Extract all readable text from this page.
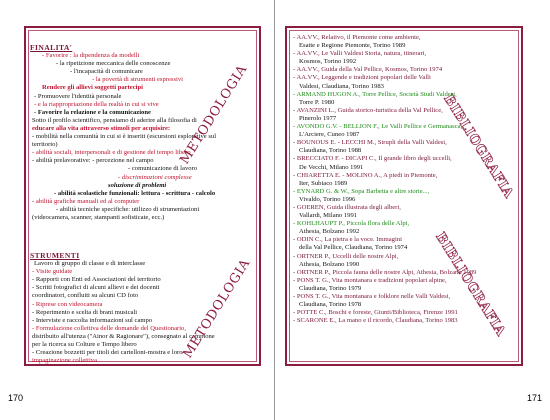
FINALITA'
- Favorire : la dipendenza da modelli
- la ripetizione meccanica delle conoscenze
- l'incapacità di comunicare
- la povertà di strumenti espressivi
Rendere gli allievi soggetti partecipi
- Promuovere l'identità personale
- e la riappropriazione della realtà in cui si vive
- Favorire la relazione e la comunicazione
Sotto il profilo scientifico, pensiamo di aderire alla filosofia di
educare alla vita attraverso stimoli per acquisire:
- mobilità nella comunità in cui si è inseriti (escursioni esplorative sul
territorio)
- abilità sociali, interpersonali e di gestione del tempo libero
- abilità prelavorative: - percezione nel campo
- comunicazione di lavoro
- discriminazioni complesse
soluzione di problemi
- abilità scolastiche funzionali: lettura - scrittura - calcolo
- abilità grafiche manuali ed al computer
- abilità tecniche specifiche: utilizzo di strumentazioni
(videocamera, scanner, stampanti sofisticate, ecc.)
METODOLOGIA
STRUMENTI
Lavoro di gruppo di classe e di interclasse
- Visite guidate
- Rapporti con Enti ed Associazioni del territorio
- Scritti fotografici di alcuni allievi e dei docenti
coordinatori, confluiti su alcuni CD foto
- Riprese con videocamera
- Reperimento e scelta di brani musicali
- Interviste e raccolta informazioni sul campo
- Formulazione collettiva delle domande del Questionario,
distribuito all'utenza ("Ainor & Ragionare"), consegnato al campione
per la ricerca su Colture e Tempo libero
- Creazione bozzetti per titoli dei cartelloni-mostra e loro
impaginazione collettiva	METODOLOGIA
170
BIBLIOGRAFIA
BIBLIOGRAFIA
- AA.VV., Relativo, il Piemonte come ambiente,
Esatte e Regione Piemonte, Torino 1989
- AA.VV., Le Valli Valdesi Storia, natura, itinerari,
Kosmos, Torino 1992
- AA.VV., Guida della Val Pellice, Kosmos, Torino 1974
- AA.VV., Leggende e tradizioni popolari delle Valli
Valdesi, Claudiana, Torino 1983
- ARMAND HUGON A., Torre Pellice, Società Studi Valdesi,
Torre P. 1980
- AVANZINI L., Guida storico-turistica della Val Pellice,
Pinerolo 1977
- AVONDO G.V. - BELLION F., Le Valli Pellice e Germanasca,
L'Arciere, Cuneo 1987
- BOUNOUS E. - LECCHI M., Strupli della Valli Valdesi,
Claudiana, Torino 1988
- BRECCIATO F. - DICAPI C., Il grande libro degli uccelli,
De Vecchi, Milano 1991
- CHIARETTA E. - MOLINO A., A piedi in Piemonte,
Iter, Subiaco 1989
- EYNARD G. & W., Sopa Barbetta e altre storie...,
Vivaldo, Torino 1996
- GOEREN, Guida illustrata degli alberi,
Vallardi, Milano 1991
- KOHLHAUPT P., Piccola flora delle Alpi,
Athesia, Bolzano 1992
- ODIN C., La pietra e la voce. Immagini
della Val Pellice, Claudiana, Torino 1974
- ORTNER P., Uccelli delle nostre Alpi,
Athesia, Bolzano 1990
- ORTNER P., Piccola fauna delle nostre Alpi, Athesia, Bolzano 1989
- PONS T. G., Vita montanara e tradizioni popolari alpine,
Claudiana, Torino 1979
- PONS T. G., Vita montanara e folklore nelle Valli Valdesi,
Claudiana, Torino 1978
- POTTE C., Boschi e foreste, Giunti/Biblioteca, Firenze 1991
- SCARONE E., La mano e il ricordo, Claudiana, Torino 1983
171
